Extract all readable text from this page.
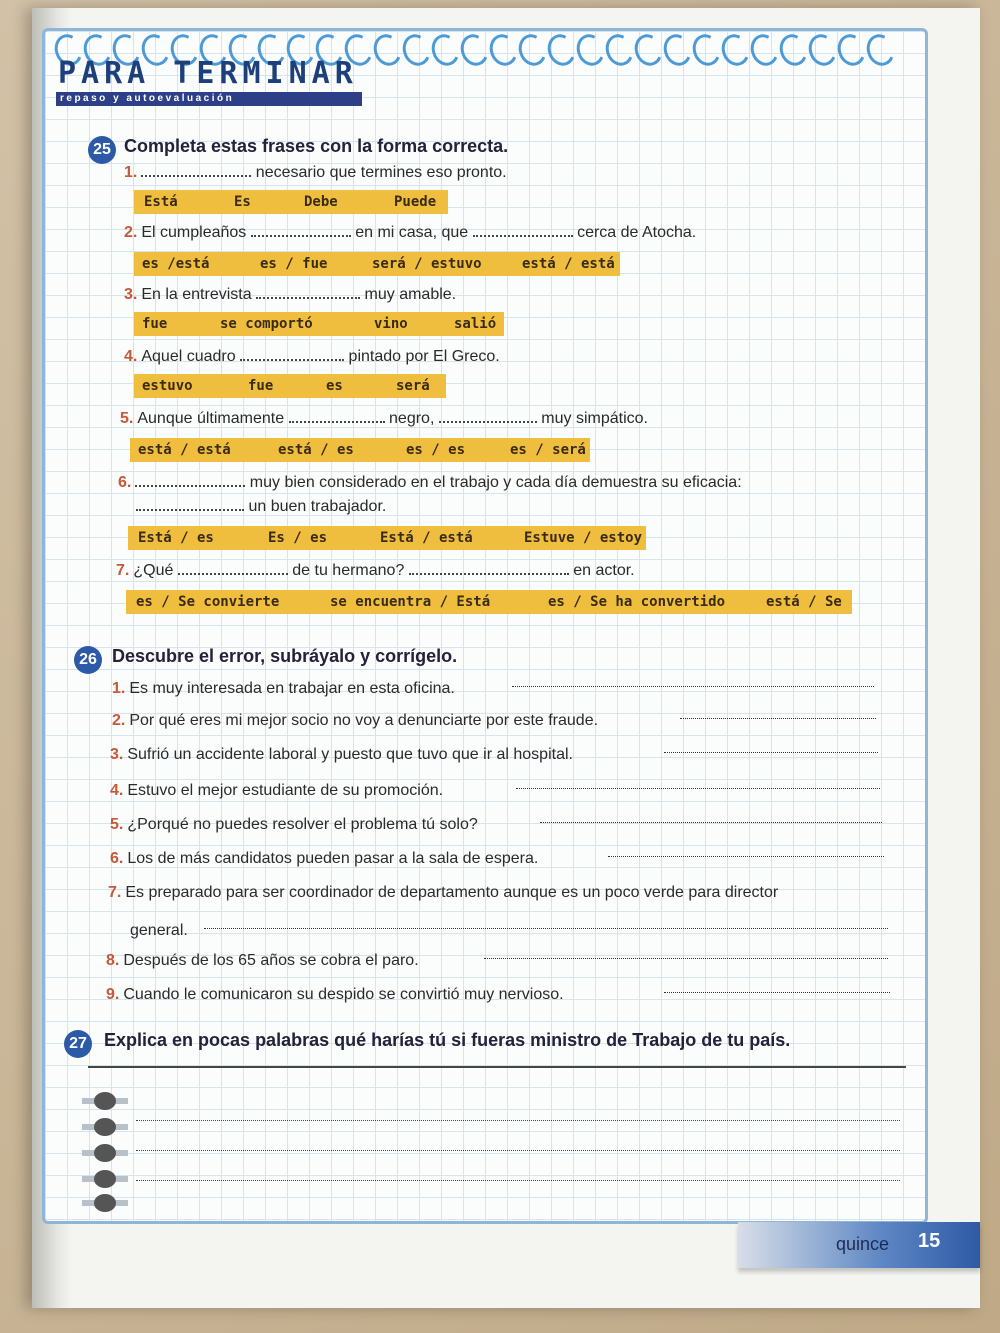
PARA TERMINAR
repaso y autoevaluación
25 Completa estas frases con la forma correcta.
1.	necesario que termines eso pronto.
Está	Es	Debe	Puede
2. El cumpleaños	en mi casa, que	cerca de Atocha.
es /está	es / fue	será / estuvo	está / está
3. En la entrevista	muy amable.
fue	se comportó	vino	salió
4. Aquel cuadro	pintado por El Greco.
estuvo	fue	es	será
5. Aunque últimamente	negro,	muy simpático.
está / está	está / es	es / es	es / será
6.	muy bien considerado en el trabajo y cada día demuestra su eficacia:
un buen trabajador.
Está / es	Es / es	Está / está	Estuve / estoy
7. ¿Qué	de tu hermano?	en actor.
es / Se convierte	se encuentra / Está	es / Se ha convertido	está / Se
26 Descubre el error, subráyalo y corrígelo.
1. Es muy interesada en trabajar en esta oficina.
2. Por qué eres mi mejor socio no voy a denunciarte por este fraude.
3. Sufrió un accidente laboral y puesto que tuvo que ir al hospital.
4. Estuvo el mejor estudiante de su promoción.
5. ¿Porqué no puedes resolver el problema tú solo?
6. Los de más candidatos pueden pasar a la sala de espera.
7. Es preparado para ser coordinador de departamento aunque es un poco verde para director
general.
8. Después de los 65 años se cobra el paro.
9. Cuando le comunicaron su despido se convirtió muy nervioso.
27 Explica en pocas palabras qué harías tú si fueras ministro de Trabajo de tu país.
quince 15
